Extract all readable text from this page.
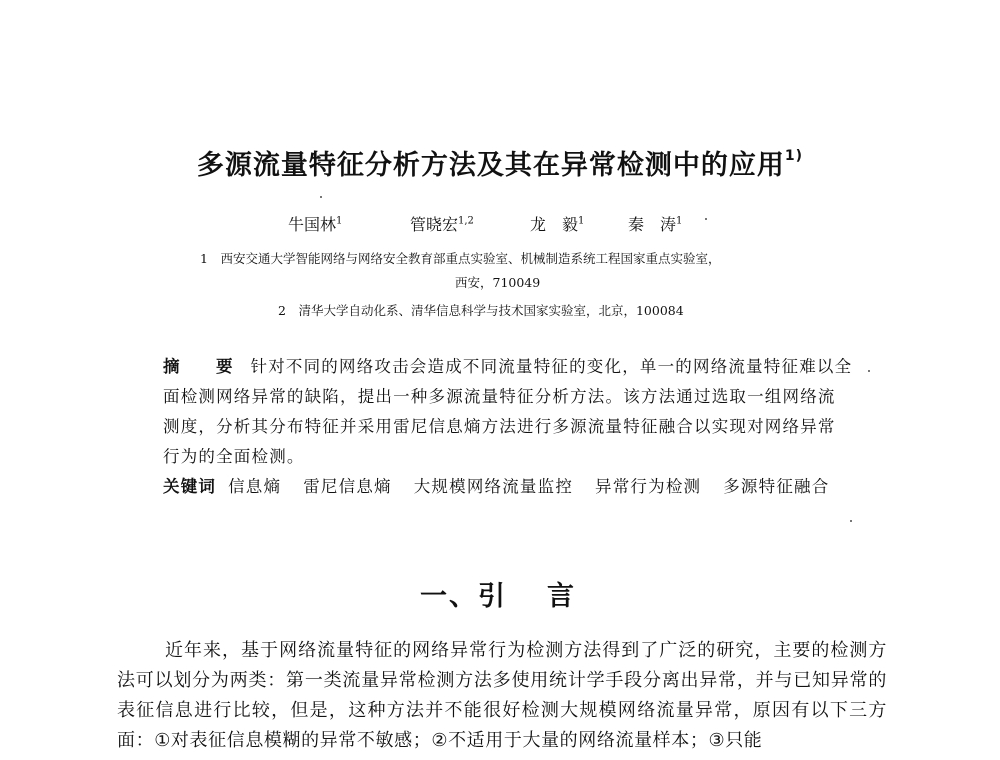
多源流量特征分析方法及其在异常检测中的应用$^{1)}$
牛国林$^1$	管晓宏$^{1,2}$	龙　毅$^1$	秦　涛$^1$
1　西安交通大学智能网络与网络安全教育部重点实验室、机械制造系统工程国家重点实验室，
西安，710049
2　清华大学自动化系、清华信息科学与技术国家实验室，北京，100084
摘　要 针对不同的网络攻击会造成不同流量特征的变化，单一的网络流量特征难以全面检测网络异常的缺陷，提出一种多源流量特征分析方法。该方法通过选取一组网络流测度，分析其分布特征并采用雷尼信息熵方法进行多源流量特征融合以实现对网络异常行为的全面检测。
关键词 信息熵 雷尼信息熵 大规模网络流量监控 异常行为检测 多源特征融合
一、引 言
近年来，基于网络流量特征的网络异常行为检测方法得到了广泛的研究，主要的检测方法可以划分为两类：第一类流量异常检测方法多使用统计学手段分离出异常，并与已知异常的表征信息进行比较，但是，这种方法并不能很好检测大规模网络流量异常，原因有以下三方面：①对表征信息模糊的异常不敏感；②不适用于大量的网络流量样本；③只能
